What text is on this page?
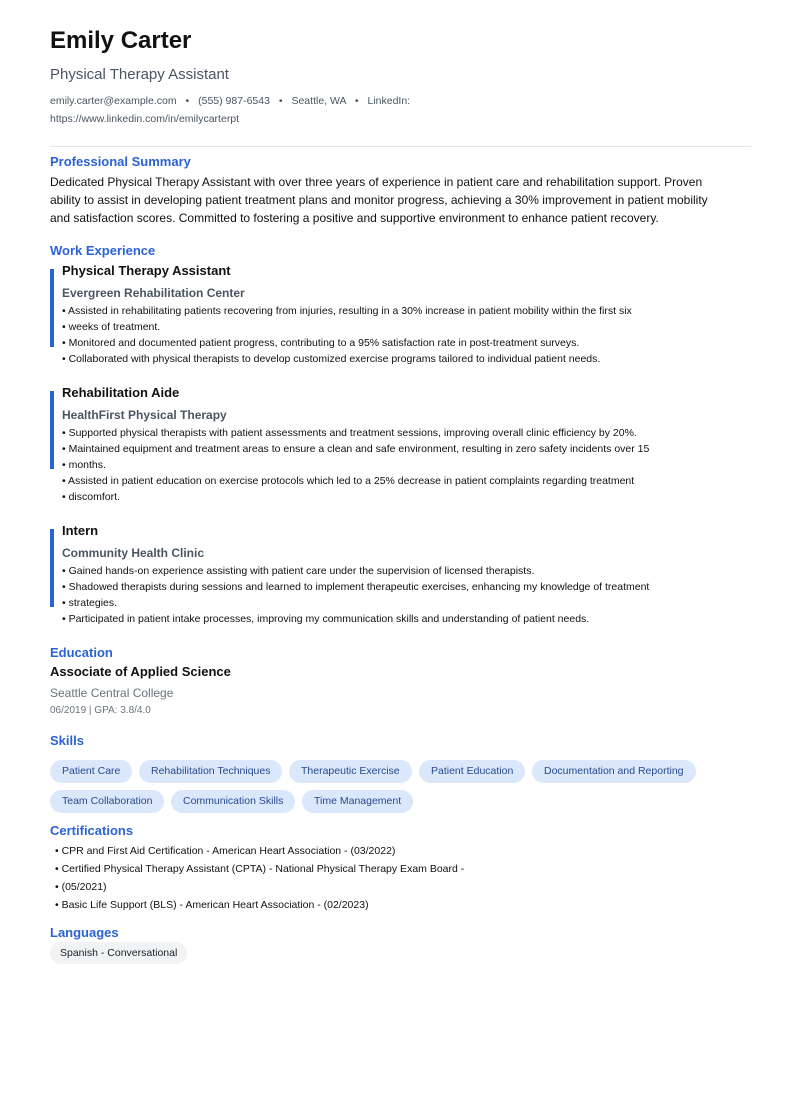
Emily Carter
Physical Therapy Assistant
emily.carter@example.com • (555) 987-6543 • Seattle, WA • LinkedIn:
https://www.linkedin.com/in/emilycarterpt
Professional Summary
Dedicated Physical Therapy Assistant with over three years of experience in patient care and rehabilitation support. Proven
ability to assist in developing patient treatment plans and monitor progress, achieving a 30% improvement in patient mobility
and satisfaction scores. Committed to fostering a positive and supportive environment to enhance patient recovery.
Work Experience
Physical Therapy Assistant
Evergreen Rehabilitation Center
• Assisted in rehabilitating patients recovering from injuries, resulting in a 30% increase in patient mobility within the first six
• weeks of treatment.
• Monitored and documented patient progress, contributing to a 95% satisfaction rate in post-treatment surveys.
• Collaborated with physical therapists to develop customized exercise programs tailored to individual patient needs.
Rehabilitation Aide
HealthFirst Physical Therapy
• Supported physical therapists with patient assessments and treatment sessions, improving overall clinic efficiency by 20%.
• Maintained equipment and treatment areas to ensure a clean and safe environment, resulting in zero safety incidents over 15
• months.
• Assisted in patient education on exercise protocols which led to a 25% decrease in patient complaints regarding treatment
• discomfort.
Intern
Community Health Clinic
• Gained hands-on experience assisting with patient care under the supervision of licensed therapists.
• Shadowed therapists during sessions and learned to implement therapeutic exercises, enhancing my knowledge of treatment
• strategies.
• Participated in patient intake processes, improving my communication skills and understanding of patient needs.
Education
Associate of Applied Science
Seattle Central College
06/2019 | GPA: 3.8/4.0
Skills
Patient Care	Rehabilitation Techniques	Therapeutic Exercise	Patient Education	Documentation and Reporting
Team Collaboration	Communication Skills	Time Management
Certifications
• CPR and First Aid Certification - American Heart Association - (03/2022)
• Certified Physical Therapy Assistant (CPTA) - National Physical Therapy Exam Board -
• (05/2021)
• Basic Life Support (BLS) - American Heart Association - (02/2023)
Languages
Spanish - Conversational
